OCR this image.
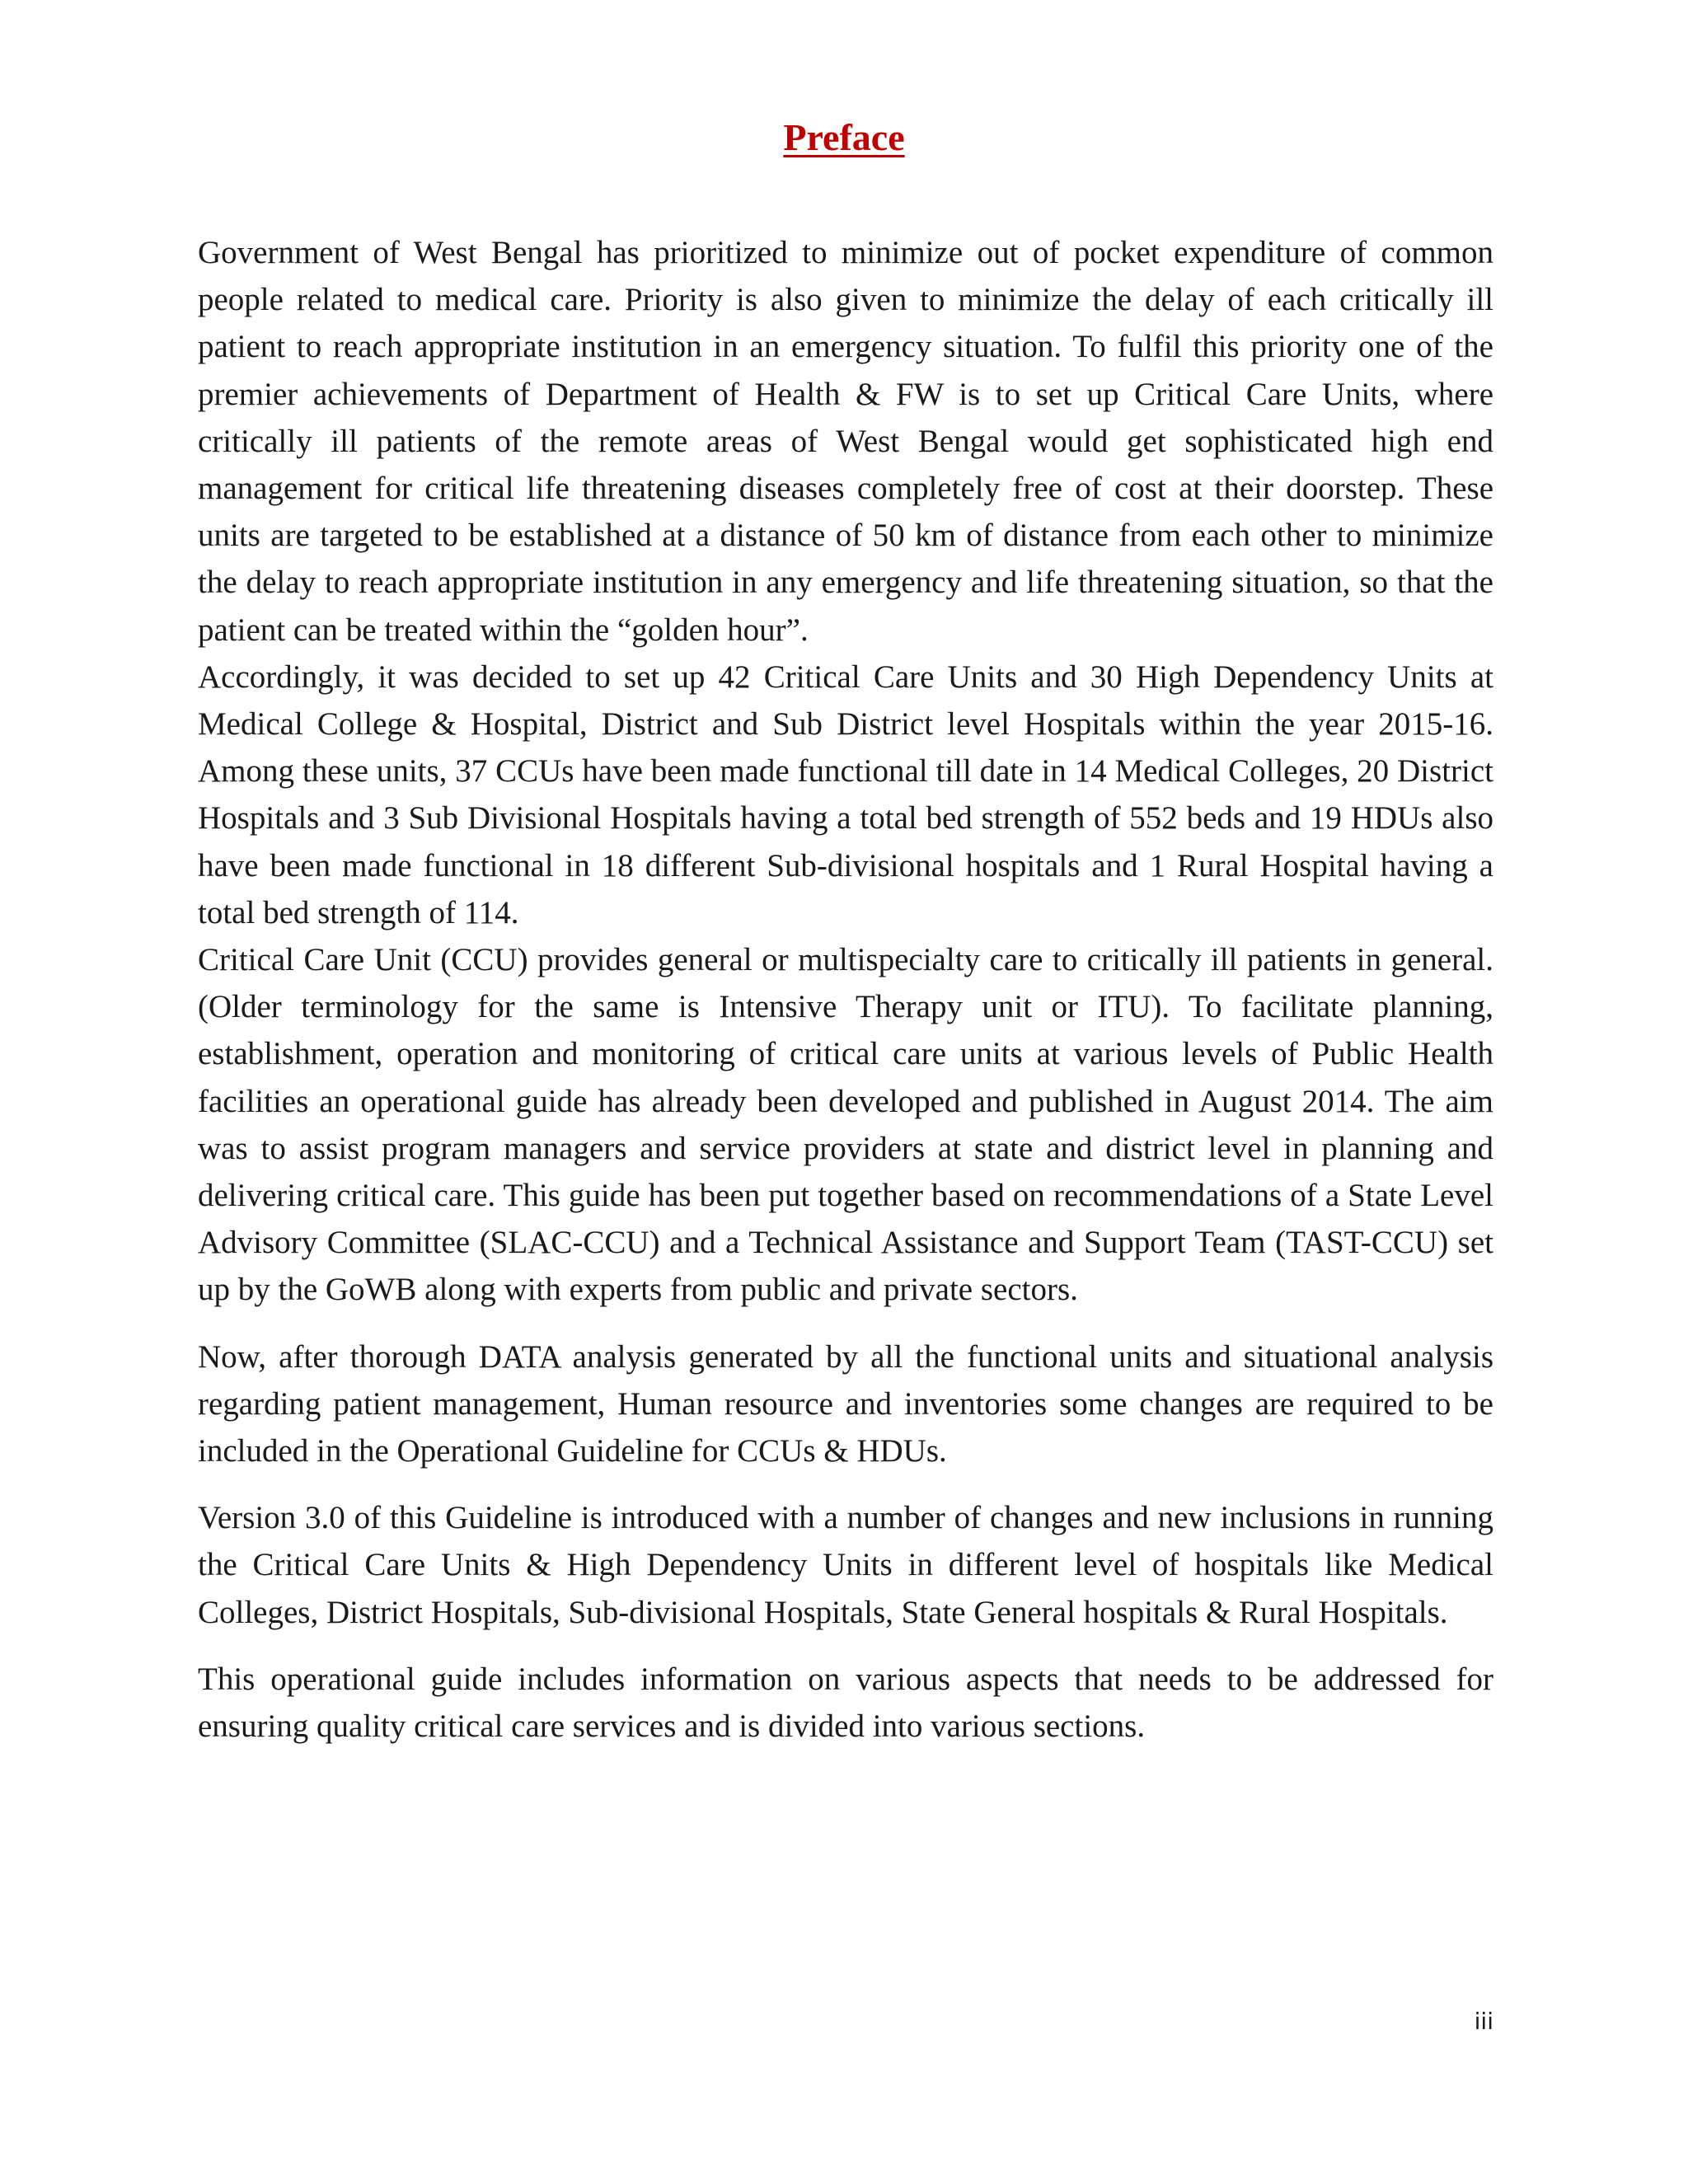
Preface

Government of West Bengal has prioritized to minimize out of pocket expenditure of common people related to medical care. Priority is also given to minimize the delay of each critically ill patient to reach appropriate institution in an emergency situation. To fulfil this priority one of the premier achievements of Department of Health & FW is to set up Critical Care Units, where critically ill patients of the remote areas of West Bengal would get sophisticated high end management for critical life threatening diseases completely free of cost at their doorstep. These units are targeted to be established at a distance of 50 km of distance from each other to minimize the delay to reach appropriate institution in any emergency and life threatening situation, so that the patient can be treated within the “golden hour”.

Accordingly, it was decided to set up 42 Critical Care Units and 30 High Dependency Units at Medical College & Hospital, District and Sub District level Hospitals within the year 2015-16. Among these units, 37 CCUs have been made functional till date in 14 Medical Colleges, 20 District Hospitals and 3 Sub Divisional Hospitals having a total bed strength of 552 beds and 19 HDUs also have been made functional in 18 different Sub-divisional hospitals and 1 Rural Hospital having a total bed strength of 114.

Critical Care Unit (CCU) provides general or multispecialty care to critically ill patients in general. (Older terminology for the same is Intensive Therapy unit or ITU). To facilitate planning, establishment, operation and monitoring of critical care units at various levels of Public Health facilities an operational guide has already been developed and published in August 2014. The aim was to assist program managers and service providers at state and district level in planning and delivering critical care. This guide has been put together based on recommendations of a State Level Advisory Committee (SLAC-CCU) and a Technical Assistance and Support Team (TAST-CCU) set up by the GoWB along with experts from public and private sectors.

Now, after thorough DATA analysis generated by all the functional units and situational analysis regarding patient management, Human resource and inventories some changes are required to be included in the Operational Guideline for CCUs & HDUs.

Version 3.0 of this Guideline is introduced with a number of changes and new inclusions in running the Critical Care Units & High Dependency Units in different level of hospitals like Medical Colleges, District Hospitals, Sub-divisional Hospitals, State General hospitals & Rural Hospitals.

This operational guide includes information on various aspects that needs to be addressed for ensuring quality critical care services and is divided into various sections.

iii
